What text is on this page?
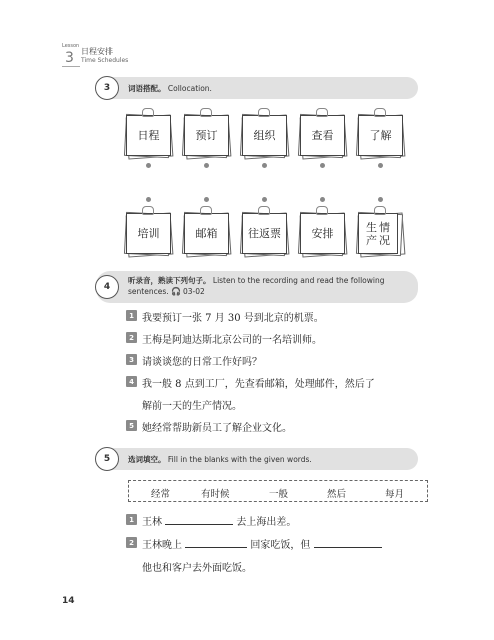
Lesson
3 日程安排
Time Schedules
3	词语搭配。 Collocation.
日程	预订	组织	查看	了解
培训	邮箱	往返票	安排	生产

情况
4
听录音，熟读下列句子。 Listen to the recording and read the following
sentences. 🎧 03-02
1 我要预订一张 7 月 30 号到北京的机票。
2 王梅是阿迪达斯北京公司的一名培训师。
3 请谈谈您的日常工作好吗？
4 我一般 8 点到工厂，先查看邮箱，处理邮件，然后了
解前一天的生产情况。
5 她经常帮助新员工了解企业文化。
5	选词填空。 Fill in the blanks with the given words.
经常	有时候	一般	然后	每月
1 王林	去上海出差。
2 王林晚上	回家吃饭，但
他也和客户去外面吃饭。
14
